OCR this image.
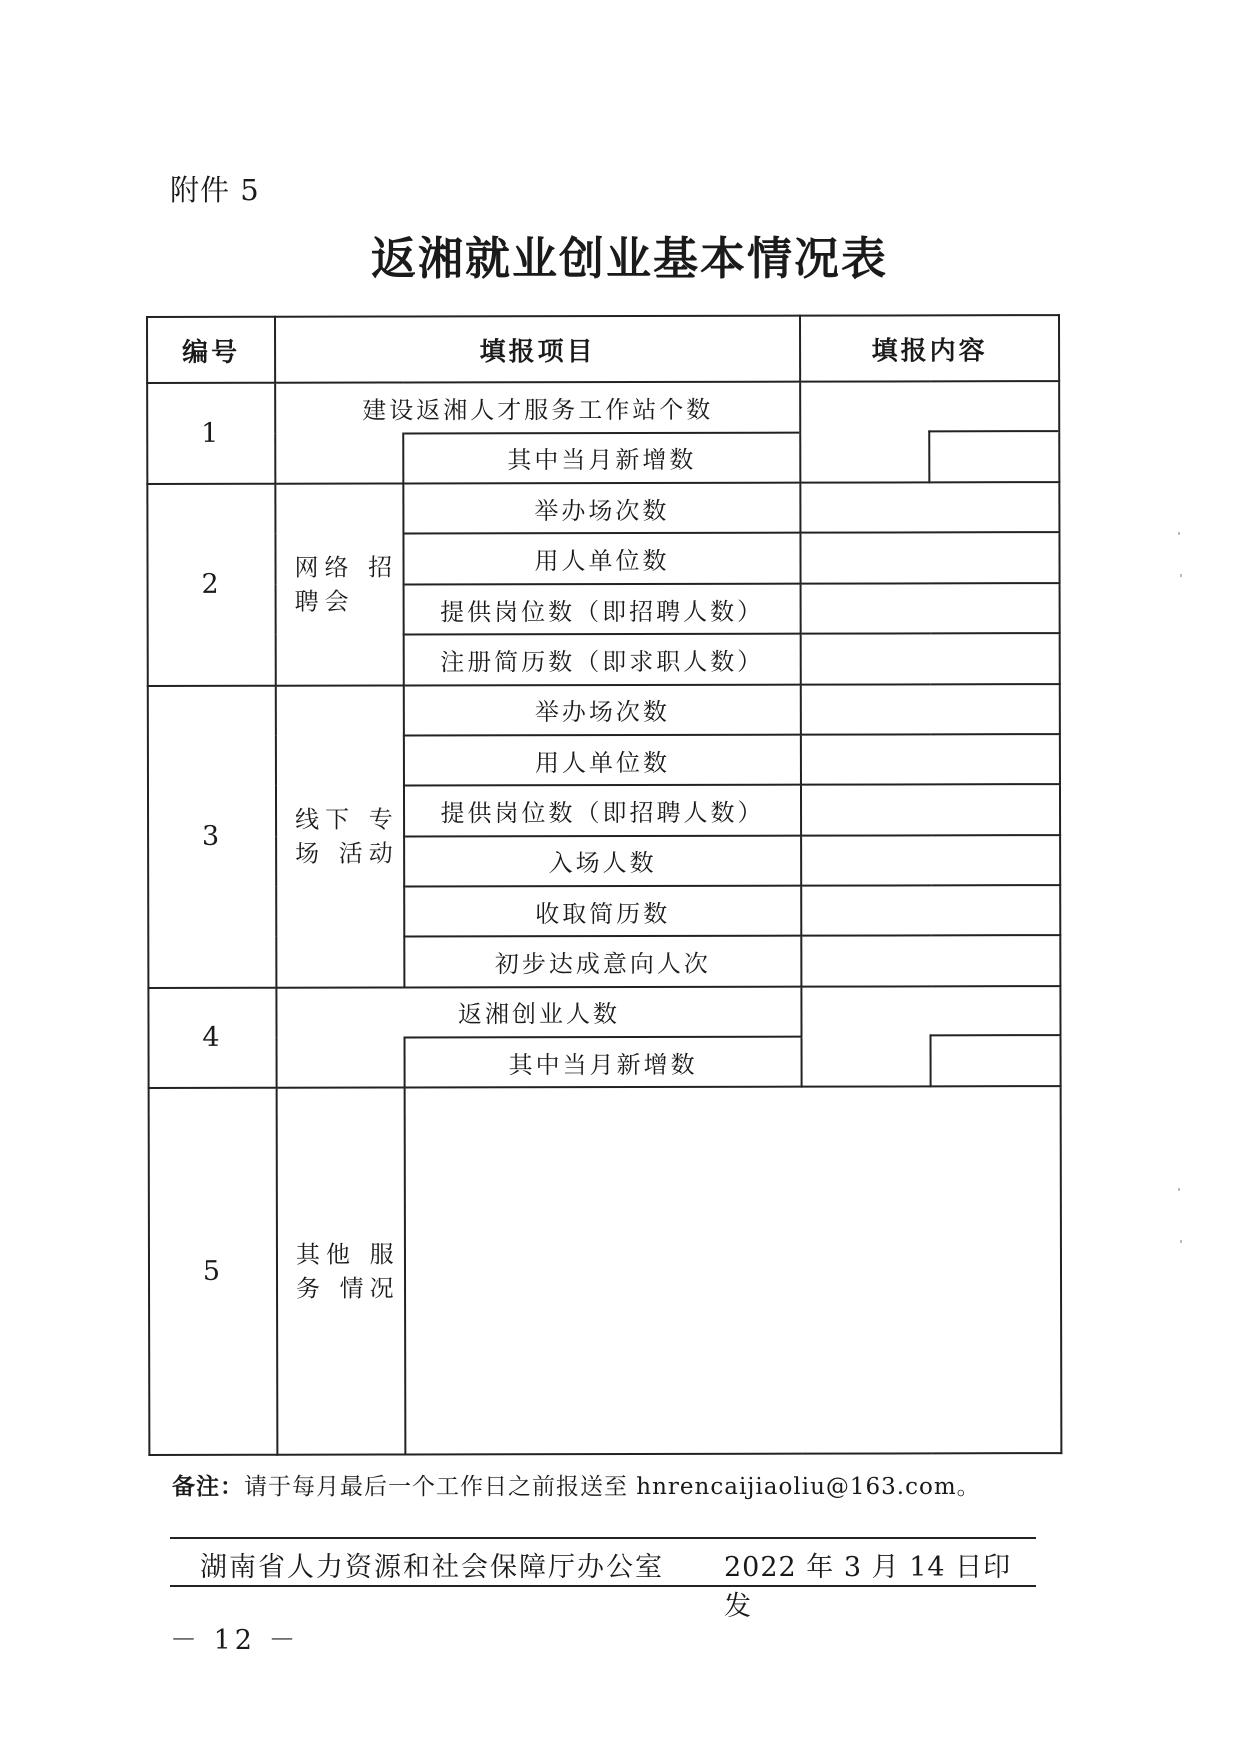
附件 5
返湘就业创业基本情况表
编号	填报项目		填报内容
1	建设返湘人才服务工作站个数		

		其中当月新增数	
2	网络 招聘会	举办场次数	
		用人单位数	
		提供岗位数（即招聘人数）	
		注册简历数（即求职人数）	
3	线下 专场 活动	举办场次数	
		用人单位数	
		提供岗位数（即招聘人数）	
		入场人数	
		收取简历数	
		初步达成意向人次	
4	返湘创业人数		

		其中当月新增数	
5	其他 服务 情况		
备注：请于每月最后一个工作日之前报送至 hnrencaijiaoliu@163.com。
湖南省人力资源和社会保障厅办公室 2022 年 3 月 14 日印发
－ 12 －
